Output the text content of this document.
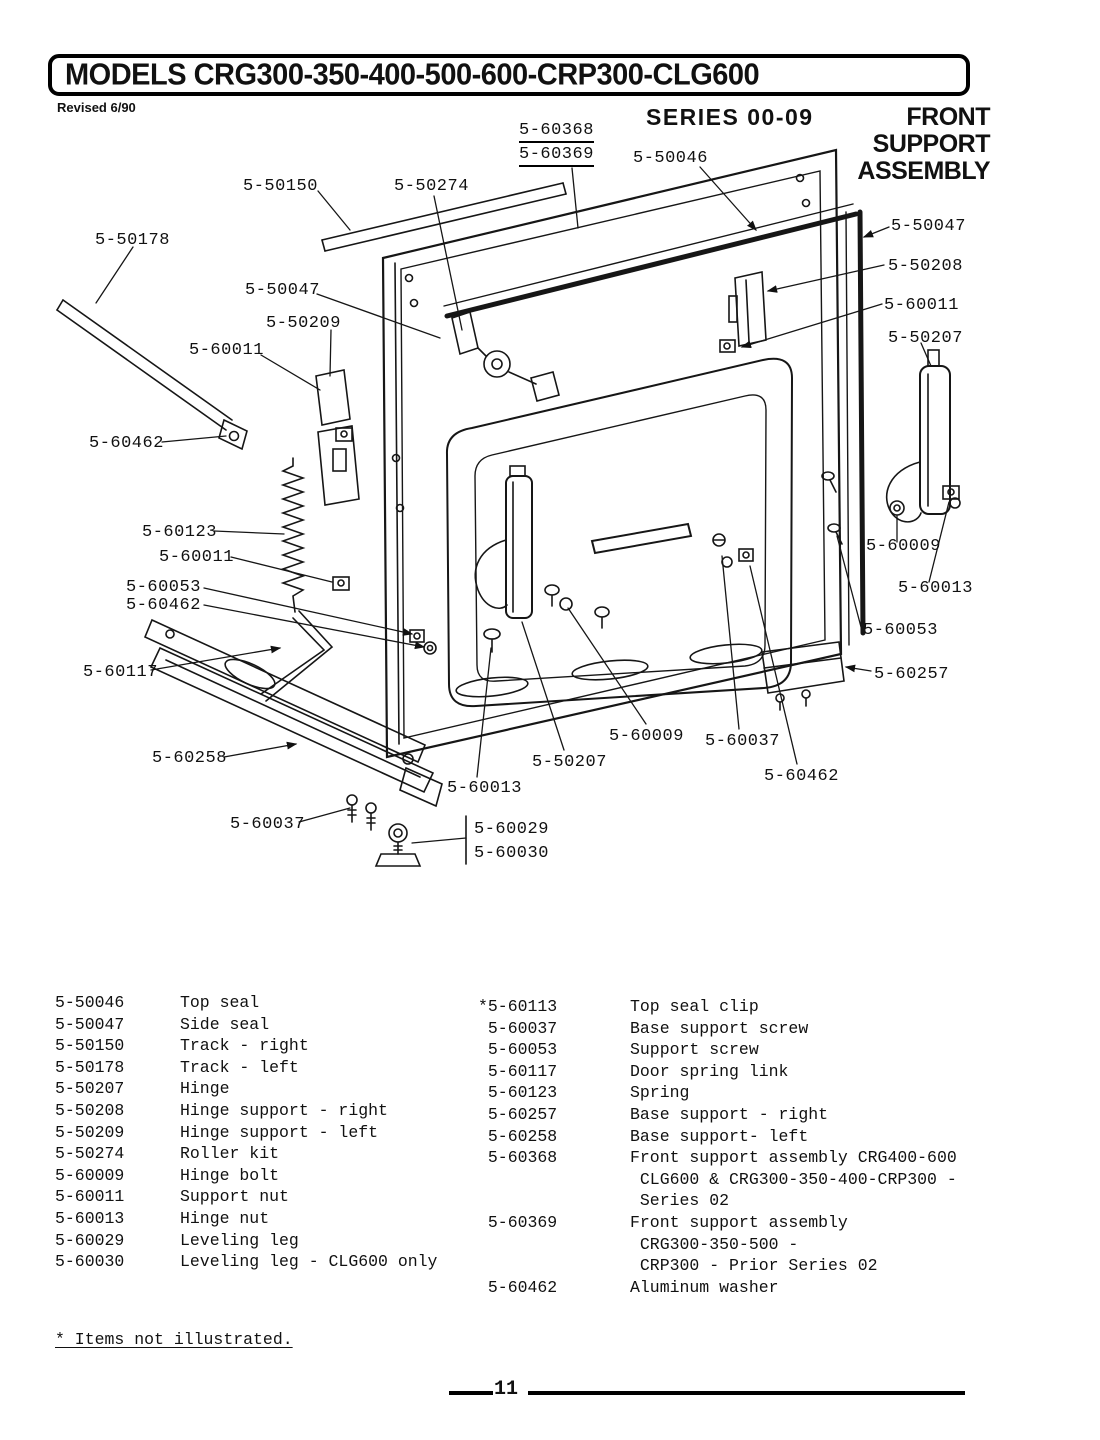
MODELS CRG300-350-400-500-600-CRP300-CLG600
Revised 6/90	SERIES 00-09	FRONT
SUPPORT
ASSEMBLY
5-60368
5-60369 5-50046
5-50150	5-50274
5-50178
5-50047
5-50209
5-60011
5-60462
5-60123
5-60011
5-60053
5-60462
5-60117
5-60258
5-60037	5-60029
5-60030
5-60013
5-50207
5-60009 5-60037
5-60462
5-60257
5-60053
5-60013
5-60009
5-50207
5-60011
5-50208
5-50047
5-50046	Top seal
5-50047	Side seal
5-50150	Track - right
5-50178	Track - left
5-50207	Hinge
5-50208	Hinge support - right
5-50209	Hinge support - left
5-50274	Roller kit
5-60009	Hinge bolt
5-60011	Support nut
5-60013	Hinge nut
5-60029	Leveling leg
5-60030	Leveling leg - CLG600 only
*5-60113	Top seal clip
5-60037	Base support screw
5-60053	Support screw
5-60117	Door spring link
5-60123	Spring
5-60257	Base support - right
5-60258	Base support- left
5-60368	Front support assembly CRG400-600
CLG600 & CRG300-350-400-CRP300 -
Series 02
5-60369	Front support assembly
CRG300-350-500 -
CRP300 - Prior Series 02
5-60462	Aluminum washer
* Items not illustrated.
11
